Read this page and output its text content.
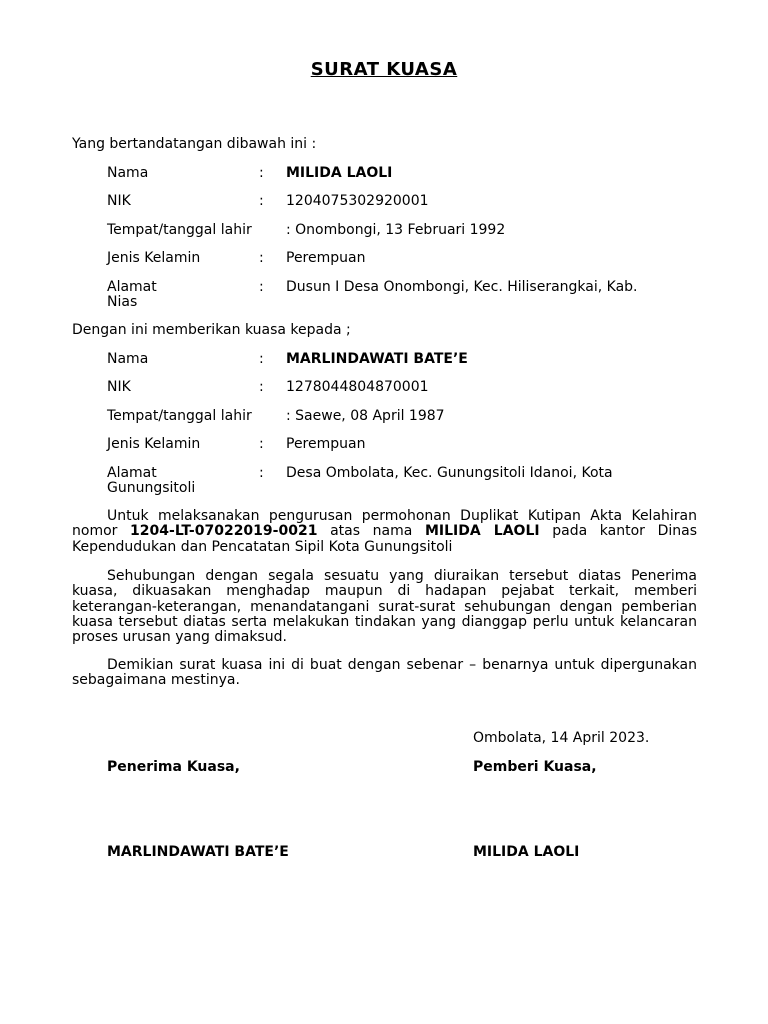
SURAT KUASA
Yang bertandatangan dibawah ini :
Nama	: MILIDA LAOLI
NIK	: 1204075302920001
Tempat/tanggal lahir : Onombongi, 13 Februari 1992
Jenis Kelamin	: Perempuan
Alamat	: Dusun I Desa Onombongi, Kec. Hiliserangkai, Kab.
Nias
Dengan ini memberikan kuasa kepada ;
Nama	: MARLINDAWATI BATE’E
NIK	: 1278044804870001
Tempat/tanggal lahir : Saewe, 08 April 1987
Jenis Kelamin	: Perempuan
Alamat	: Desa Ombolata, Kec. Gunungsitoli Idanoi, Kota
Gunungsitoli
Untuk melaksanakan pengurusan permohonan Duplikat Kutipan Akta Kelahiran nomor 1204-LT-07022019-0021 atas nama MILIDA LAOLI pada kantor Dinas Kependudukan dan Pencatatan Sipil Kota Gunungsitoli
Sehubungan dengan segala sesuatu yang diuraikan tersebut diatas Penerima kuasa, dikuasakan menghadap maupun di hadapan pejabat terkait, memberi keterangan-keterangan, menandatangani surat-surat sehubungan dengan pemberian kuasa tersebut diatas serta melakukan tindakan yang dianggap perlu untuk kelancaran proses urusan yang dimaksud.
Demikian surat kuasa ini di buat dengan sebenar – benarnya untuk dipergunakan sebagaimana mestinya.
Ombolata, 14 April 2023.
Penerima Kuasa,	Pemberi Kuasa,
MARLINDAWATI BATE’E	MILIDA LAOLI
